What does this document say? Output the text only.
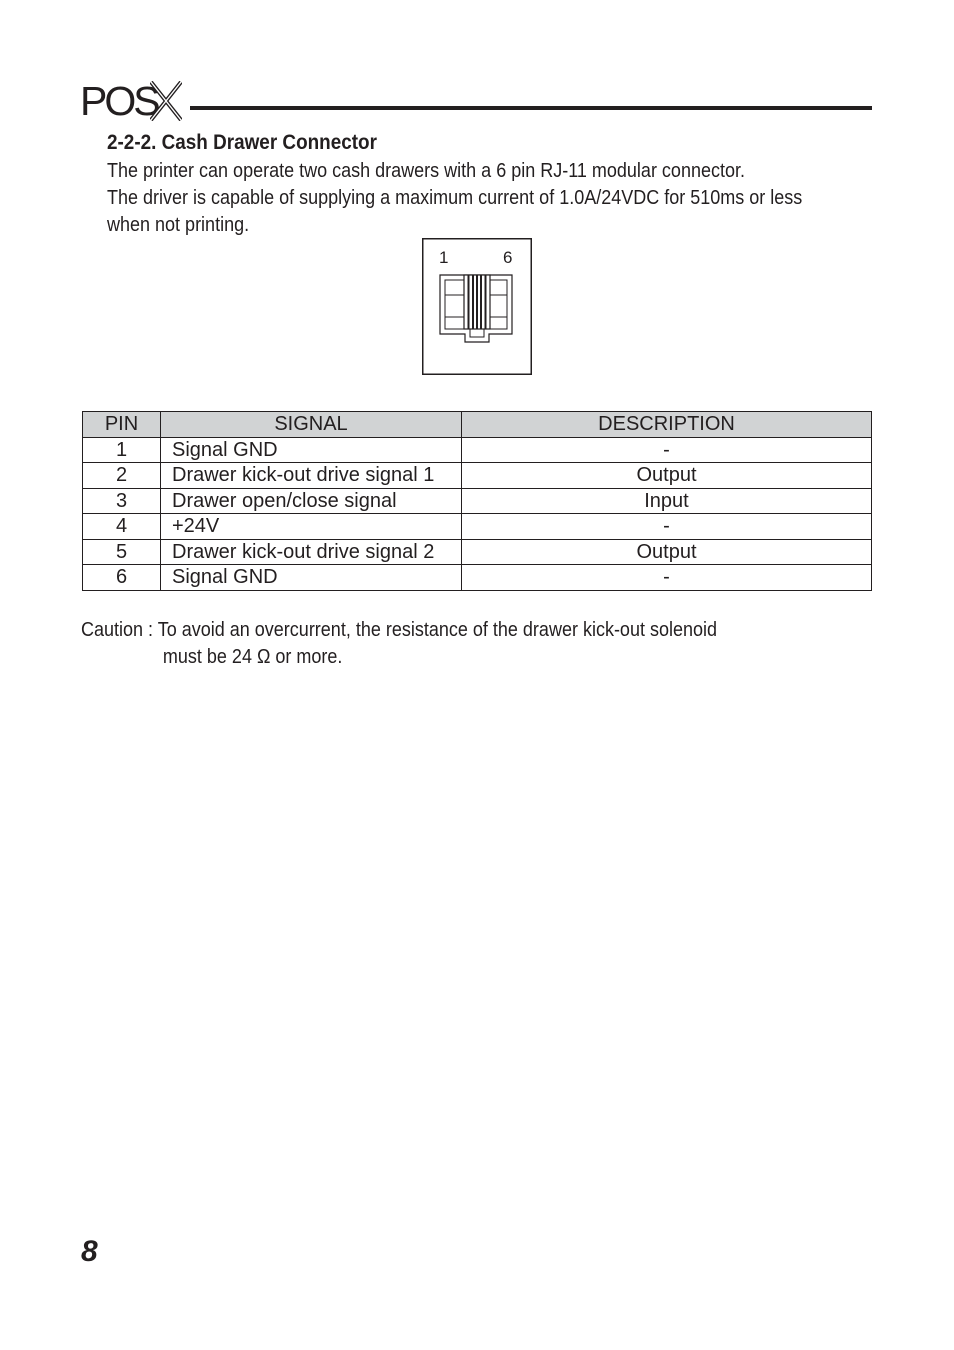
POS
2-2-2. Cash Drawer Connector

The printer can operate two cash drawers with a 6 pin RJ-11 modular connector.

The driver is capable of supplying a maximum current of 1.0A/24VDC for 510ms or less

when not printing.

1	6
PIN	SIGNAL	DESCRIPTION
1	Signal GND	-
2	Drawer kick-out drive signal 1	Output
3	Drawer open/close signal	Input
4	+24V	-
5	Drawer kick-out drive signal 2	Output
6	Signal GND	-

Caution : To avoid an overcurrent, the resistance of the drawer kick-out solenoid

must be 24 Ω or more.

8
